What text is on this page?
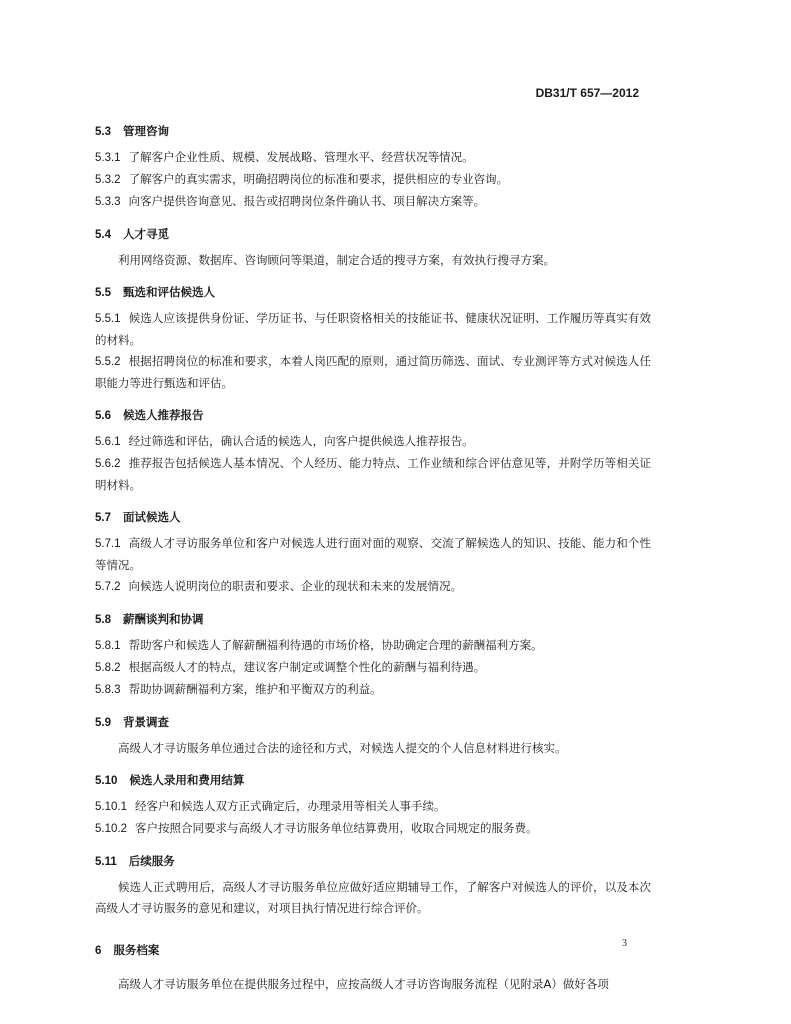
DB31/T 657—2012
5.3 管理咨询
5.3.1 了解客户企业性质、规模、发展战略、管理水平、经营状况等情况。
5.3.2 了解客户的真实需求，明确招聘岗位的标准和要求，提供相应的专业咨询。
5.3.3 向客户提供咨询意见、报告或招聘岗位条件确认书、项目解决方案等。
5.4 人才寻觅
利用网络资源、数据库、咨询顾问等渠道，制定合适的搜寻方案，有效执行搜寻方案。
5.5 甄选和评估候选人
5.5.1 候选人应该提供身份证、学历证书、与任职资格相关的技能证书、健康状况证明、工作履历等真实有效的材料。
5.5.2 根据招聘岗位的标准和要求，本着人岗匹配的原则，通过简历筛选、面试、专业测评等方式对候选人任职能力等进行甄选和评估。
5.6 候选人推荐报告
5.6.1 经过筛选和评估，确认合适的候选人，向客户提供候选人推荐报告。
5.6.2 推荐报告包括候选人基本情况、个人经历、能力特点、工作业绩和综合评估意见等，并附学历等相关证明材料。
5.7 面试候选人
5.7.1 高级人才寻访服务单位和客户对候选人进行面对面的观察、交流了解候选人的知识、技能、能力和个性等情况。
5.7.2 向候选人说明岗位的职责和要求、企业的现状和未来的发展情况。
5.8 薪酬谈判和协调
5.8.1 帮助客户和候选人了解薪酬福利待遇的市场价格，协助确定合理的薪酬福利方案。
5.8.2 根据高级人才的特点，建议客户制定或调整个性化的薪酬与福利待遇。
5.8.3 帮助协调薪酬福利方案，维护和平衡双方的利益。
5.9 背景调查
高级人才寻访服务单位通过合法的途径和方式，对候选人提交的个人信息材料进行核实。
5.10 候选人录用和费用结算
5.10.1 经客户和候选人双方正式确定后，办理录用等相关人事手续。
5.10.2 客户按照合同要求与高级人才寻访服务单位结算费用，收取合同规定的服务费。
5.11 后续服务
候选人正式聘用后，高级人才寻访服务单位应做好适应期辅导工作，了解客户对候选人的评价，以及本次高级人才寻访服务的意见和建议，对项目执行情况进行综合评价。
6 服务档案
高级人才寻访服务单位在提供服务过程中，应按高级人才寻访咨询服务流程（见附录A）做好各项
3
